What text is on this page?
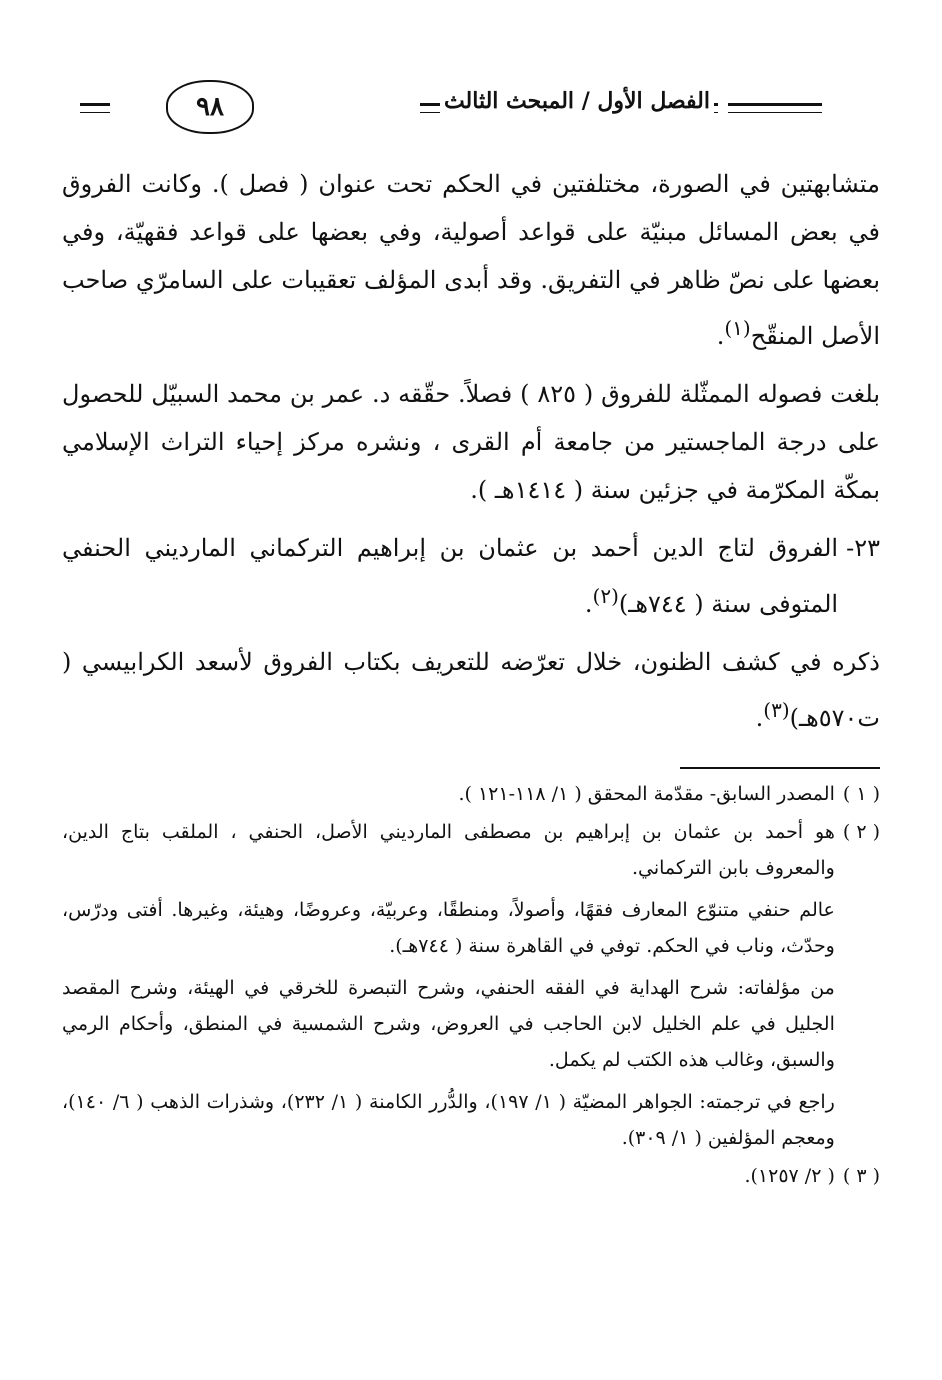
٩٨	الفصل الأول / المبحث الثالث

متشابهتين في الصورة، مختلفتين في الحكم تحت عنوان ( فصل ). وكانت الفروق في بعض المسائل مبنيّة على قواعد أصولية، وفي بعضها على قواعد فقهيّة، وفي بعضها على نصّ ظاهر في التفريق. وقد أبدى المؤلف تعقيبات على السامرّي صاحب الأصل المنقّح$^{(١)}$.

بلغت فصوله الممثّلة للفروق ( ٨٢٥ ) فصلاً. حقّقه د. عمر بن محمد السبيّل للحصول على درجة الماجستير من جامعة أم القرى ، ونشره مركز إحياء التراث الإسلامي بمكّة المكرّمة في جزئين سنة ( ١٤١٤هـ ).

٢٣-
الفروق لتاج الدين أحمد بن عثمان بن إبراهيم التركماني المارديني الحنفي المتوفى سنة ( ٧٤٤هـ)$^{(٢)}$.

ذكره في كشف الظنون، خلال تعرّضه للتعريف بكتاب الفروق لأسعد الكرابيسي ( ت٥٧٠هـ)$^{(٣)}$.

( ١ )

المصدر السابق- مقدّمة المحقق ( ١/ ١١٨-١٢١ ).

( ٢ )

هو أحمد بن عثمان بن إبراهيم بن مصطفى المارديني الأصل، الحنفي ، الملقب بتاج الدين، والمعروف بابن التركماني.

عالم حنفي متنوّع المعارف فقهًا، وأصولاً، ومنطقًا، وعربيّة، وعروضًا، وهيئة، وغيرها. أفتى ودرّس، وحدّث، وناب في الحكم. توفي في القاهرة سنة ( ٧٤٤هـ).

من مؤلفاته: شرح الهداية في الفقه الحنفي، وشرح التبصرة للخرقي في الهيئة، وشرح المقصد الجليل في علم الخليل لابن الحاجب في العروض، وشرح الشمسية في المنطق، وأحكام الرمي والسبق، وغالب هذه الكتب لم يكمل.

راجع في ترجمته: الجواهر المضيّة ( ١/ ١٩٧)، والدُّرر الكامنة ( ١/ ٢٣٢)، وشذرات الذهب ( ٦/ ١٤٠)، ومعجم المؤلفين ( ١/ ٣٠٩).

( ٣ )

( ٢/ ١٢٥٧).
